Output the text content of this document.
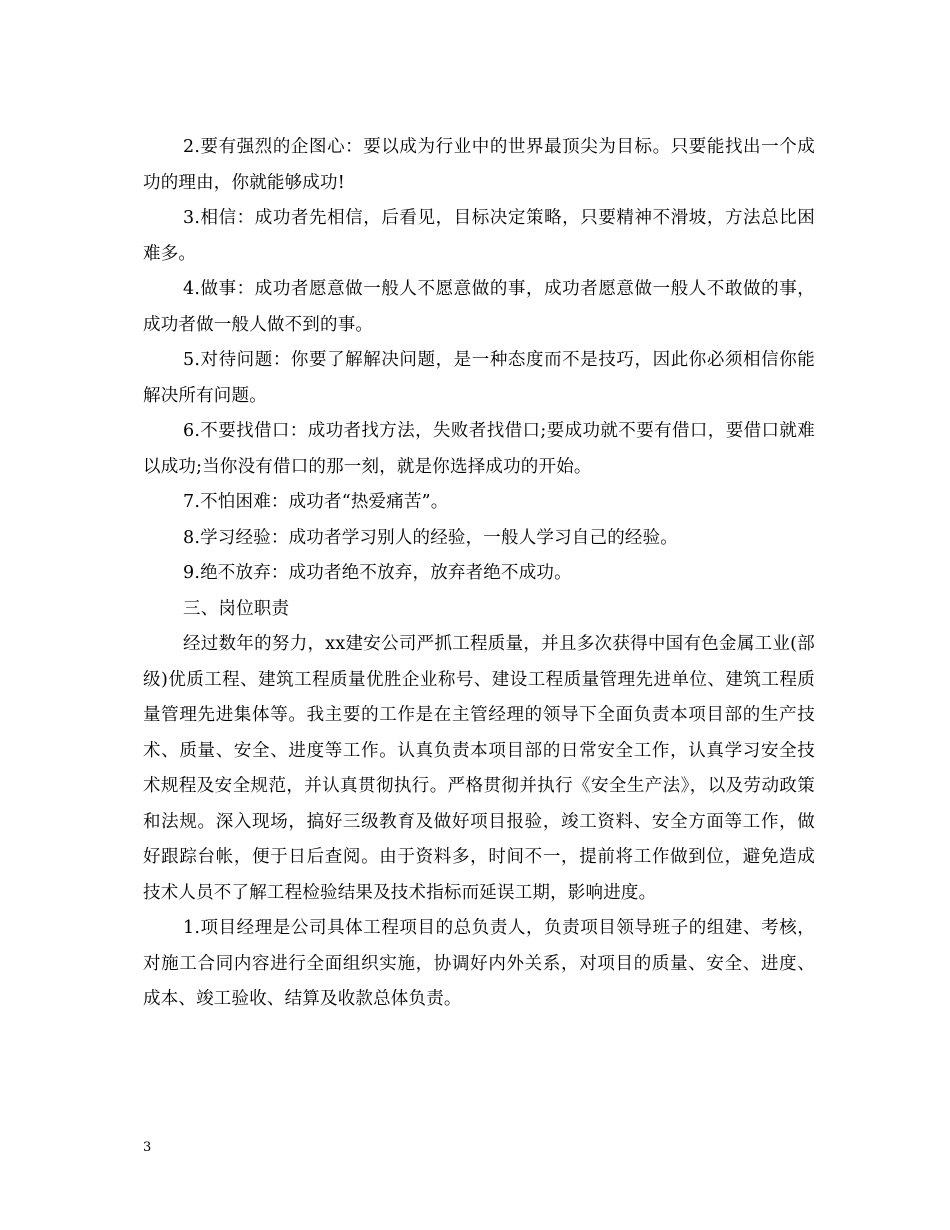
2.要有强烈的企图心：要以成为行业中的世界最顶尖为目标。只要能找出一个成功的理由，你就能够成功!

3.相信：成功者先相信，后看见，目标决定策略，只要精神不滑坡，方法总比困难多。

4.做事：成功者愿意做一般人不愿意做的事，成功者愿意做一般人不敢做的事，成功者做一般人做不到的事。

5.对待问题：你要了解解决问题，是一种态度而不是技巧，因此你必须相信你能解决所有问题。

6.不要找借口：成功者找方法，失败者找借口;要成功就不要有借口，要借口就难以成功;当你没有借口的那一刻，就是你选择成功的开始。

7.不怕困难：成功者“热爱痛苦”。

8.学习经验：成功者学习别人的经验，一般人学习自己的经验。

9.绝不放弃：成功者绝不放弃，放弃者绝不成功。

三、岗位职责

经过数年的努力，xx建安公司严抓工程质量，并且多次获得中国有色金属工业(部级)优质工程、建筑工程质量优胜企业称号、建设工程质量管理先进单位、建筑工程质量管理先进集体等。我主要的工作是在主管经理的领导下全面负责本项目部的生产技术、质量、安全、进度等工作。认真负责本项目部的日常安全工作，认真学习安全技术规程及安全规范，并认真贯彻执行。严格贯彻并执行《安全生产法》，以及劳动政策和法规。深入现场，搞好三级教育及做好项目报验，竣工资料、安全方面等工作，做好跟踪台帐，便于日后查阅。由于资料多，时间不一，提前将工作做到位，避免造成技术人员不了解工程检验结果及技术指标而延误工期，影响进度。

1.项目经理是公司具体工程项目的总负责人，负责项目领导班子的组建、考核，对施工合同内容进行全面组织实施，协调好内外关系，对项目的质量、安全、进度、成本、竣工验收、结算及收款总体负责。

3
